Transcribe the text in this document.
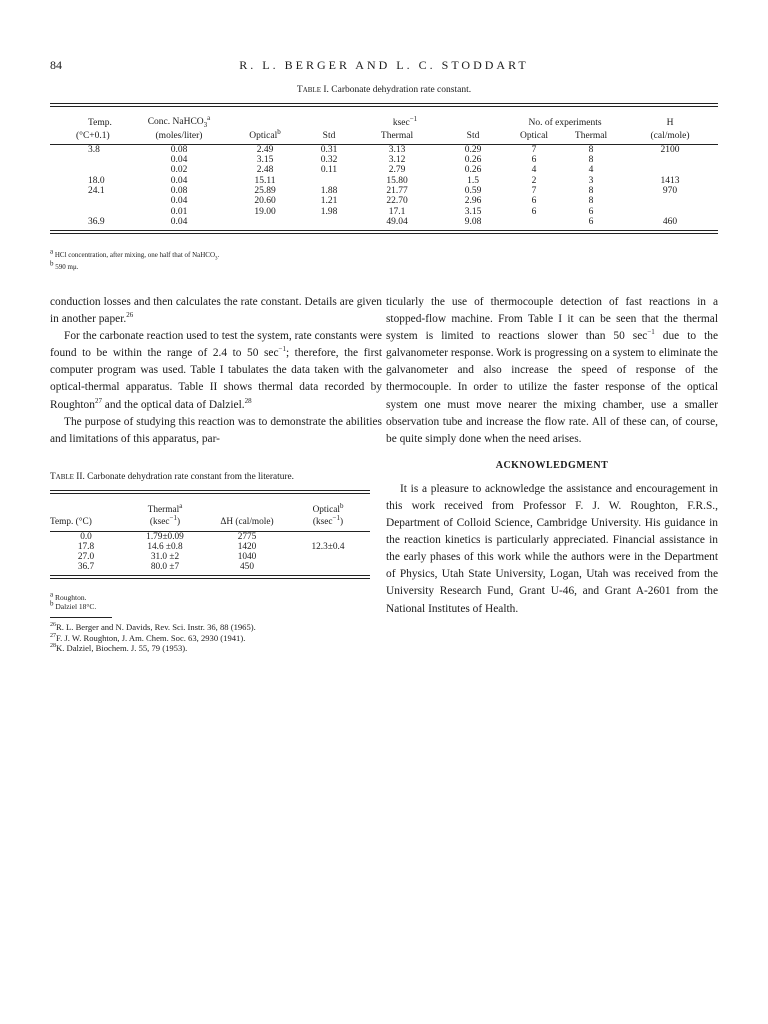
84	R. L. BERGER AND L. C. STODDART
Table I. Carbonate dehydration rate constant.
Temp.	Conc. NaHCO$_3^a$		ksec$^{-1}$			No. of experiments		H
(°C+0.1)	(moles/liter)	Optical$^b$	Std	Thermal	Std	Optical	Thermal	(cal/mole)

3.8	0.08	2.49	0.31	3.13	0.29	7	8	2100
	0.04	3.15	0.32	3.12	0.26	6	8	
	0.02	2.48	0.11	2.79	0.26	4	4	
18.0	0.04	15.11		15.80	1.5	2	3	1413
24.1	0.08	25.89	1.88	21.77	0.59	7	8	970
	0.04	20.60	1.21	22.70	2.96	6	8	
	0.01	19.00	1.98	17.1	3.15	6	6	
36.9	0.04			49.04	9.08		6	460
$^a$ HCl concentration, after mixing, one half that of NaHCO$_3$.
$^b$ 590 mμ.

conduction losses and then calculates the rate constant. Details are given in another paper.$^{26}$

For the carbonate reaction used to test the system, rate constants were found to be within the range of 2.4 to 50 $\sec^{-1}$; therefore, the first computer program was used. Table I tabulates the data taken with the optical-thermal apparatus. Table II shows thermal data recorded by Roughton$^{27}$ and the optical data of Dalziel.$^{28}$

The purpose of studying this reaction was to demonstrate the abilities and limitations of this apparatus, par-

ticularly the use of thermocouple detection of fast reactions in a stopped-flow machine. From Table I it can be seen that the thermal system is limited to reactions slower than 50 $\sec^{-1}$ due to the galvanometer response. Work is progressing on a system to eliminate the galvanometer and also increase the speed of response of the thermocouple. In order to utilize the faster response of the optical system one must move nearer the mixing chamber, use a smaller observation tube and increase the flow rate. All of these can, of course, be quite simply done when the need arises.

ACKNOWLEDGMENT

It is a pleasure to acknowledge the assistance and encouragement in this work received from Professor F. J. W. Roughton, F.R.S., Department of Colloid Science, Cambridge University. His guidance in the reaction kinetics is particularly appreciated. Financial assistance in the early phases of this work while the authors were in the Department of Physics, Utah State University, Logan, Utah was received from the University Research Fund, Grant U-46, and Grant A-2601 from the National Institutes of Health.

Table II. Carbonate dehydration rate constant from the literature.
	Thermal$^a$		Optical$^b$
Temp. (°C)	(ksec$^{-1}$)	ΔH (cal/mole)	(ksec$^{-1}$)

0.0	1.79±0.09	2775	
17.8	14.6 ±0.8	1420	12.3±0.4
27.0	31.0 ±2	1040	
36.7	80.0 ±7	450	
$^a$ Roughton.
$^b$ Dalziel 18°C.
$^{26}$R. L. Berger and N. Davids, Rev. Sci. Instr. 36, 88 (1965).
$^{27}$F. J. W. Roughton, J. Am. Chem. Soc. 63, 2930 (1941).
$^{28}$K. Dalziel, Biochem. J. 55, 79 (1953).
